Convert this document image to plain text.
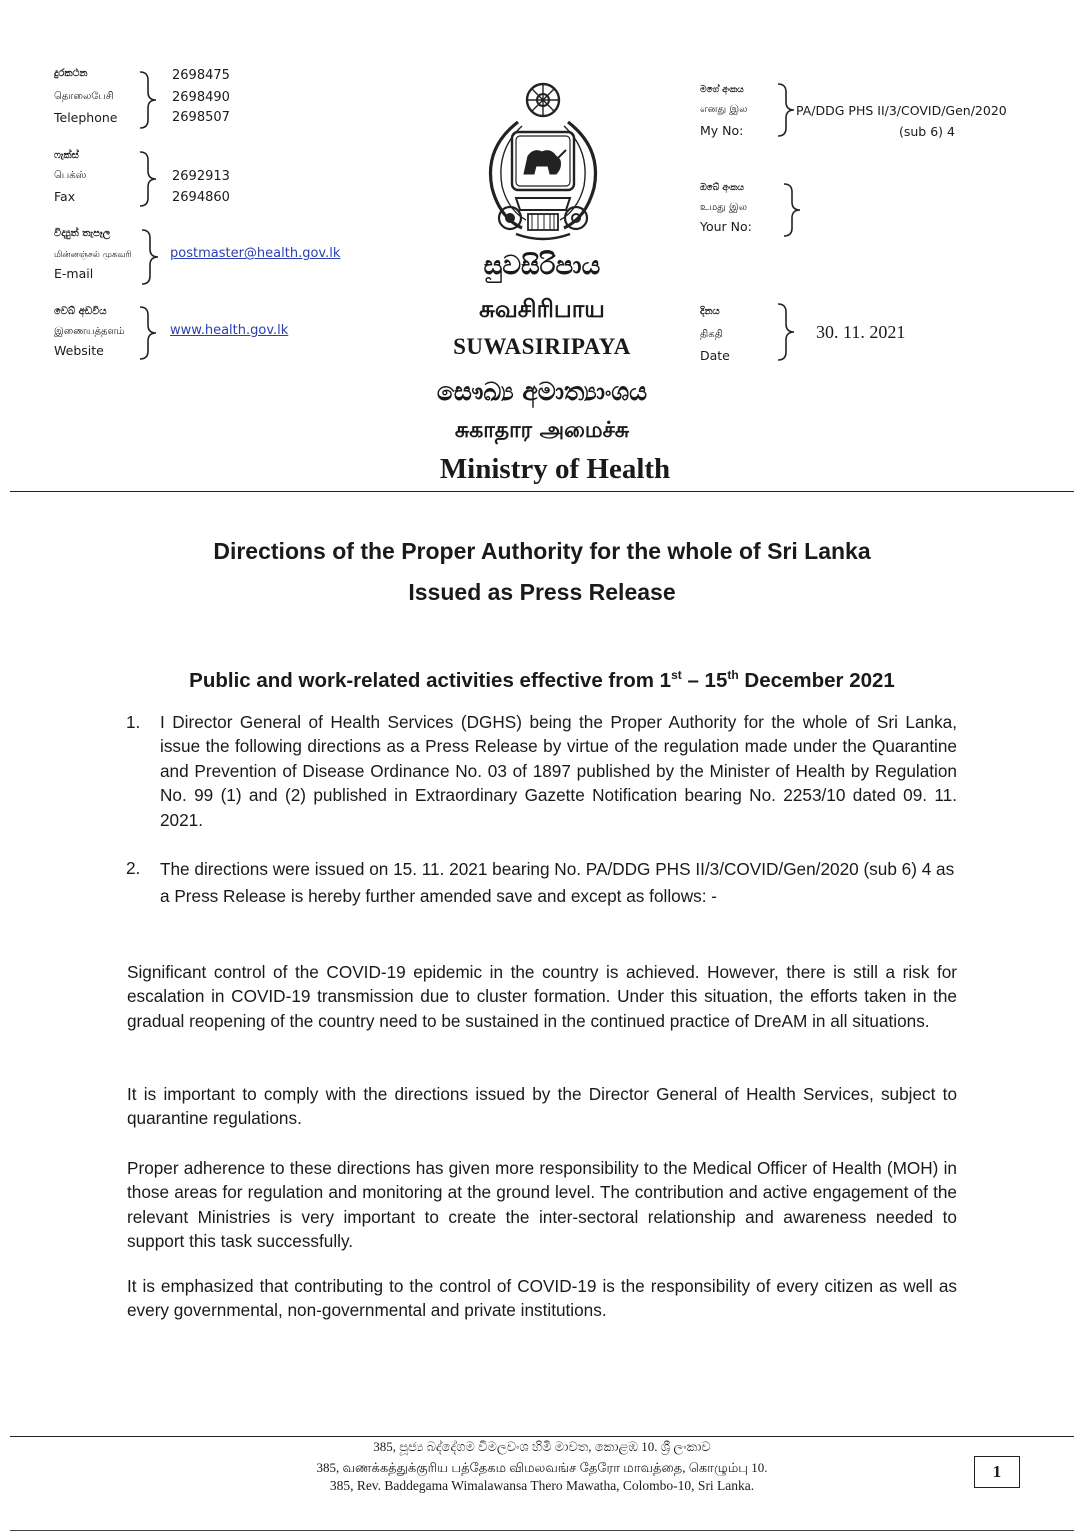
දුරකථන
தொலைபேசி
Telephone
2698475
2698490
2698507
ෆැක්ස්
பெக்ஸ்
Fax
2692913
2694860
විද්‍යුත් තැපෑල
மின்னஞ்சல் முகவரி
E-mail
postmaster@health.gov.lk
වෙබ් අඩවිය
இணையத்தளம்
Website
www.health.gov.lk
සුවසිරිපාය
சுவசிரிபாய
SUWASIRIPAYA
සෞඛ්‍ය අමාත්‍යාංශය
சுகாதார அமைச்சு
Ministry of Health
මගේ අංකය
எனது இல
My No:
PA/DDG PHS II/3/COVID/Gen/2020
(sub 6) 4
ඔබේ අංකය
உமது இல
Your No:
දිනය
திகதி
Date
30. 11. 2021
Directions of the Proper Authority for the whole of Sri Lanka
Issued as Press Release
Public and work-related activities effective from 1st – 15th December 2021
1. I Director General of Health Services (DGHS) being the Proper Authority for the whole of Sri Lanka, issue the following directions as a Press Release by virtue of the regulation made under the Quarantine and Prevention of Disease Ordinance No. 03 of 1897 published by the Minister of Health by Regulation No. 99 (1) and (2) published in Extraordinary Gazette Notification bearing No. 2253/10 dated 09. 11. 2021.
2. The directions were issued on 15. 11. 2021 bearing No. PA/DDG PHS II/3/COVID/Gen/2020 (sub 6) 4 as a Press Release is hereby further amended save and except as follows: -
Significant control of the COVID-19 epidemic in the country is achieved. However, there is still a risk for escalation in COVID-19 transmission due to cluster formation. Under this situation, the efforts taken in the gradual reopening of the country need to be sustained in the continued practice of DreAM in all situations.
It is important to comply with the directions issued by the Director General of Health Services, subject to quarantine regulations.
Proper adherence to these directions has given more responsibility to the Medical Officer of Health (MOH) in those areas for regulation and monitoring at the ground level. The contribution and active engagement of the relevant Ministries is very important to create the inter-sectoral relationship and awareness needed to support this task successfully.
It is emphasized that contributing to the control of COVID-19 is the responsibility of every citizen as well as every governmental, non-governmental and private institutions.
385, පූජ්‍ය බද්දේගම විමලවංශ හිමි මාවත, කොළඹ 10. ශ්‍රී ලංකාව
385, வணக்கத்துக்குரிய பத்தேகம விமலவங்ச தேரோ மாவத்தை, கொழும்பு 10.
385, Rev. Baddegama Wimalawansa Thero Mawatha, Colombo-10, Sri Lanka.
1
